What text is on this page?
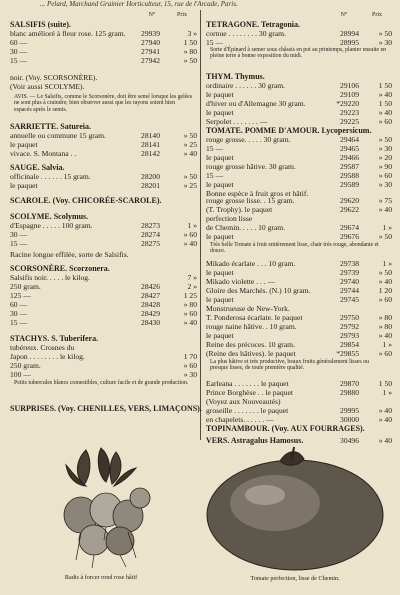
... Pelard, Marchand Grainier Horticulteur, 15, rue de l'Arcade, Paris.
N°	Prix
SALSIFIS (suite).
blanc amélioré à fleur rose. 125 gram.	29939	3 »
60 —	27940	1 50
30 —	27941	» 80
15 —	27942	» 50
noir. (Voy. SCORSONÈRE).
(Voir aussi SCOLYME).
AVIS. — Le Salsifis, comme le Scorsonère, doit être semé lorsque les gelées ne sont plus à craindre; bien observer aussi que les rayons soient bien espacés après le semis.
SARRIETTE. Satureia.
annuelle ou commune 15 gram.	28140	» 50
le paquet	28141	» 25
vivace. S. Montana . .	28142	» 40
SAUGE. Salvia.
officinale . . . . . . 15 gram.	28200	» 50
le paquet	28201	» 25
SCAROLE. (Voy. CHICORÉE-SCAROLE).
SCOLYME. Scolymus.
d'Espagne . . . . . 100 gram.	28273	1 »
30 —	28274	» 60
15 —	28275	» 40
Racine longue effilée, sorte de Salsifis.
SCORSONÈRE. Scorzonera.
Salsifis noir. . . . . le kilog.	7 »
250 gram.	28426	2 »
125 —	28427	1 25
60 —	28428	» 80
30 —	28429	» 60
15 —	28430	» 40
STACHYS. S. Tuberifera.
tubéreux. Crosnes du
Japon . . . . . . . . le kilog.	1 70
250 gram.	» 60
100 —	» 30
Petits tubercules blancs comestibles, culture facile et de grande production.
SURPRISES. (Voy. CHENILLES, VERS, LIMAÇONS).
N°	Prix
TETRAGONE. Tetragonia.
cornue . . . . . . . . 30 gram.	28994	» 50
15 —	28995	» 30
Sorte d'Épinard à semer sous châssis en pot au printemps, planter ensuite en pleine terre à bonne exposition du midi.
THYM. Thymus.
ordinaire . . . . . . 30 gram.	29106	1 50
le paquet	29109	» 40
d'hiver ou d'Allemagne 30 gram.	*29220	1 50
le paquet	29223	» 40
Serpolet . . . . . . . —	29225	» 60
TOMATE. POMME D'AMOUR. Lycopersicum.
rouge grosse. . . . . 30 gram.	29464	» 50
15 —	29465	» 30
le paquet	29466	» 20
rouge grosse hâtive. 30 gram.	29587	» 90
15 —	29588	» 60
le paquet	29589	» 30
Bonne espèce à fruit gros et hâtif.
rouge grosse lisse. . 15 gram.	29620	» 75
(T. Trophy). le paquet	29622	» 40
perfection lisse
de Chemin. . . . . 10 gram.	29674	1 »
le paquet	29676	» 50
Très belle Tomate à fruit entièrement lisse, chair très rouge, abondante et douce.
Mikado écarlate . . . 10 gram.	29738	1 »
le paquet	29739	» 50
Mikado violette . . . —	29740	» 40
Gloire des Marchés. (N.) 10 gram.	29744	1 20
le paquet	29745	» 60
Monstrueuse de New-York.
T. Ponderosa écarlate. le paquet	29750	» 80
rouge naine hâtive. . 10 gram.	29792	» 80
le paquet	29793	» 40
Reine des précoces. 10 gram.	29854	1 »
(Reine des hâtives). le paquet	*29855	» 60
La plus hâtive et très productive, beaux fruits généralement lisses ou presque lisses, de toute première qualité.
Earleana . . . . . . . le paquet	29870	1 50
Prince Borghèse . . le paquet	29880	1 »
(Voyez aux Nouveautés)
groseille . . . . . . . le paquet	29995	» 40
en chapelets. . . . . . —	30000	» 40
TOPINAMBOUR. (Voy. AUX FOURRAGES).
VERS. Astragalus Hamosus.	30496	» 40
Radis à forcer rond rose hâtif	Tomate perfection, lisse de Chemin.
